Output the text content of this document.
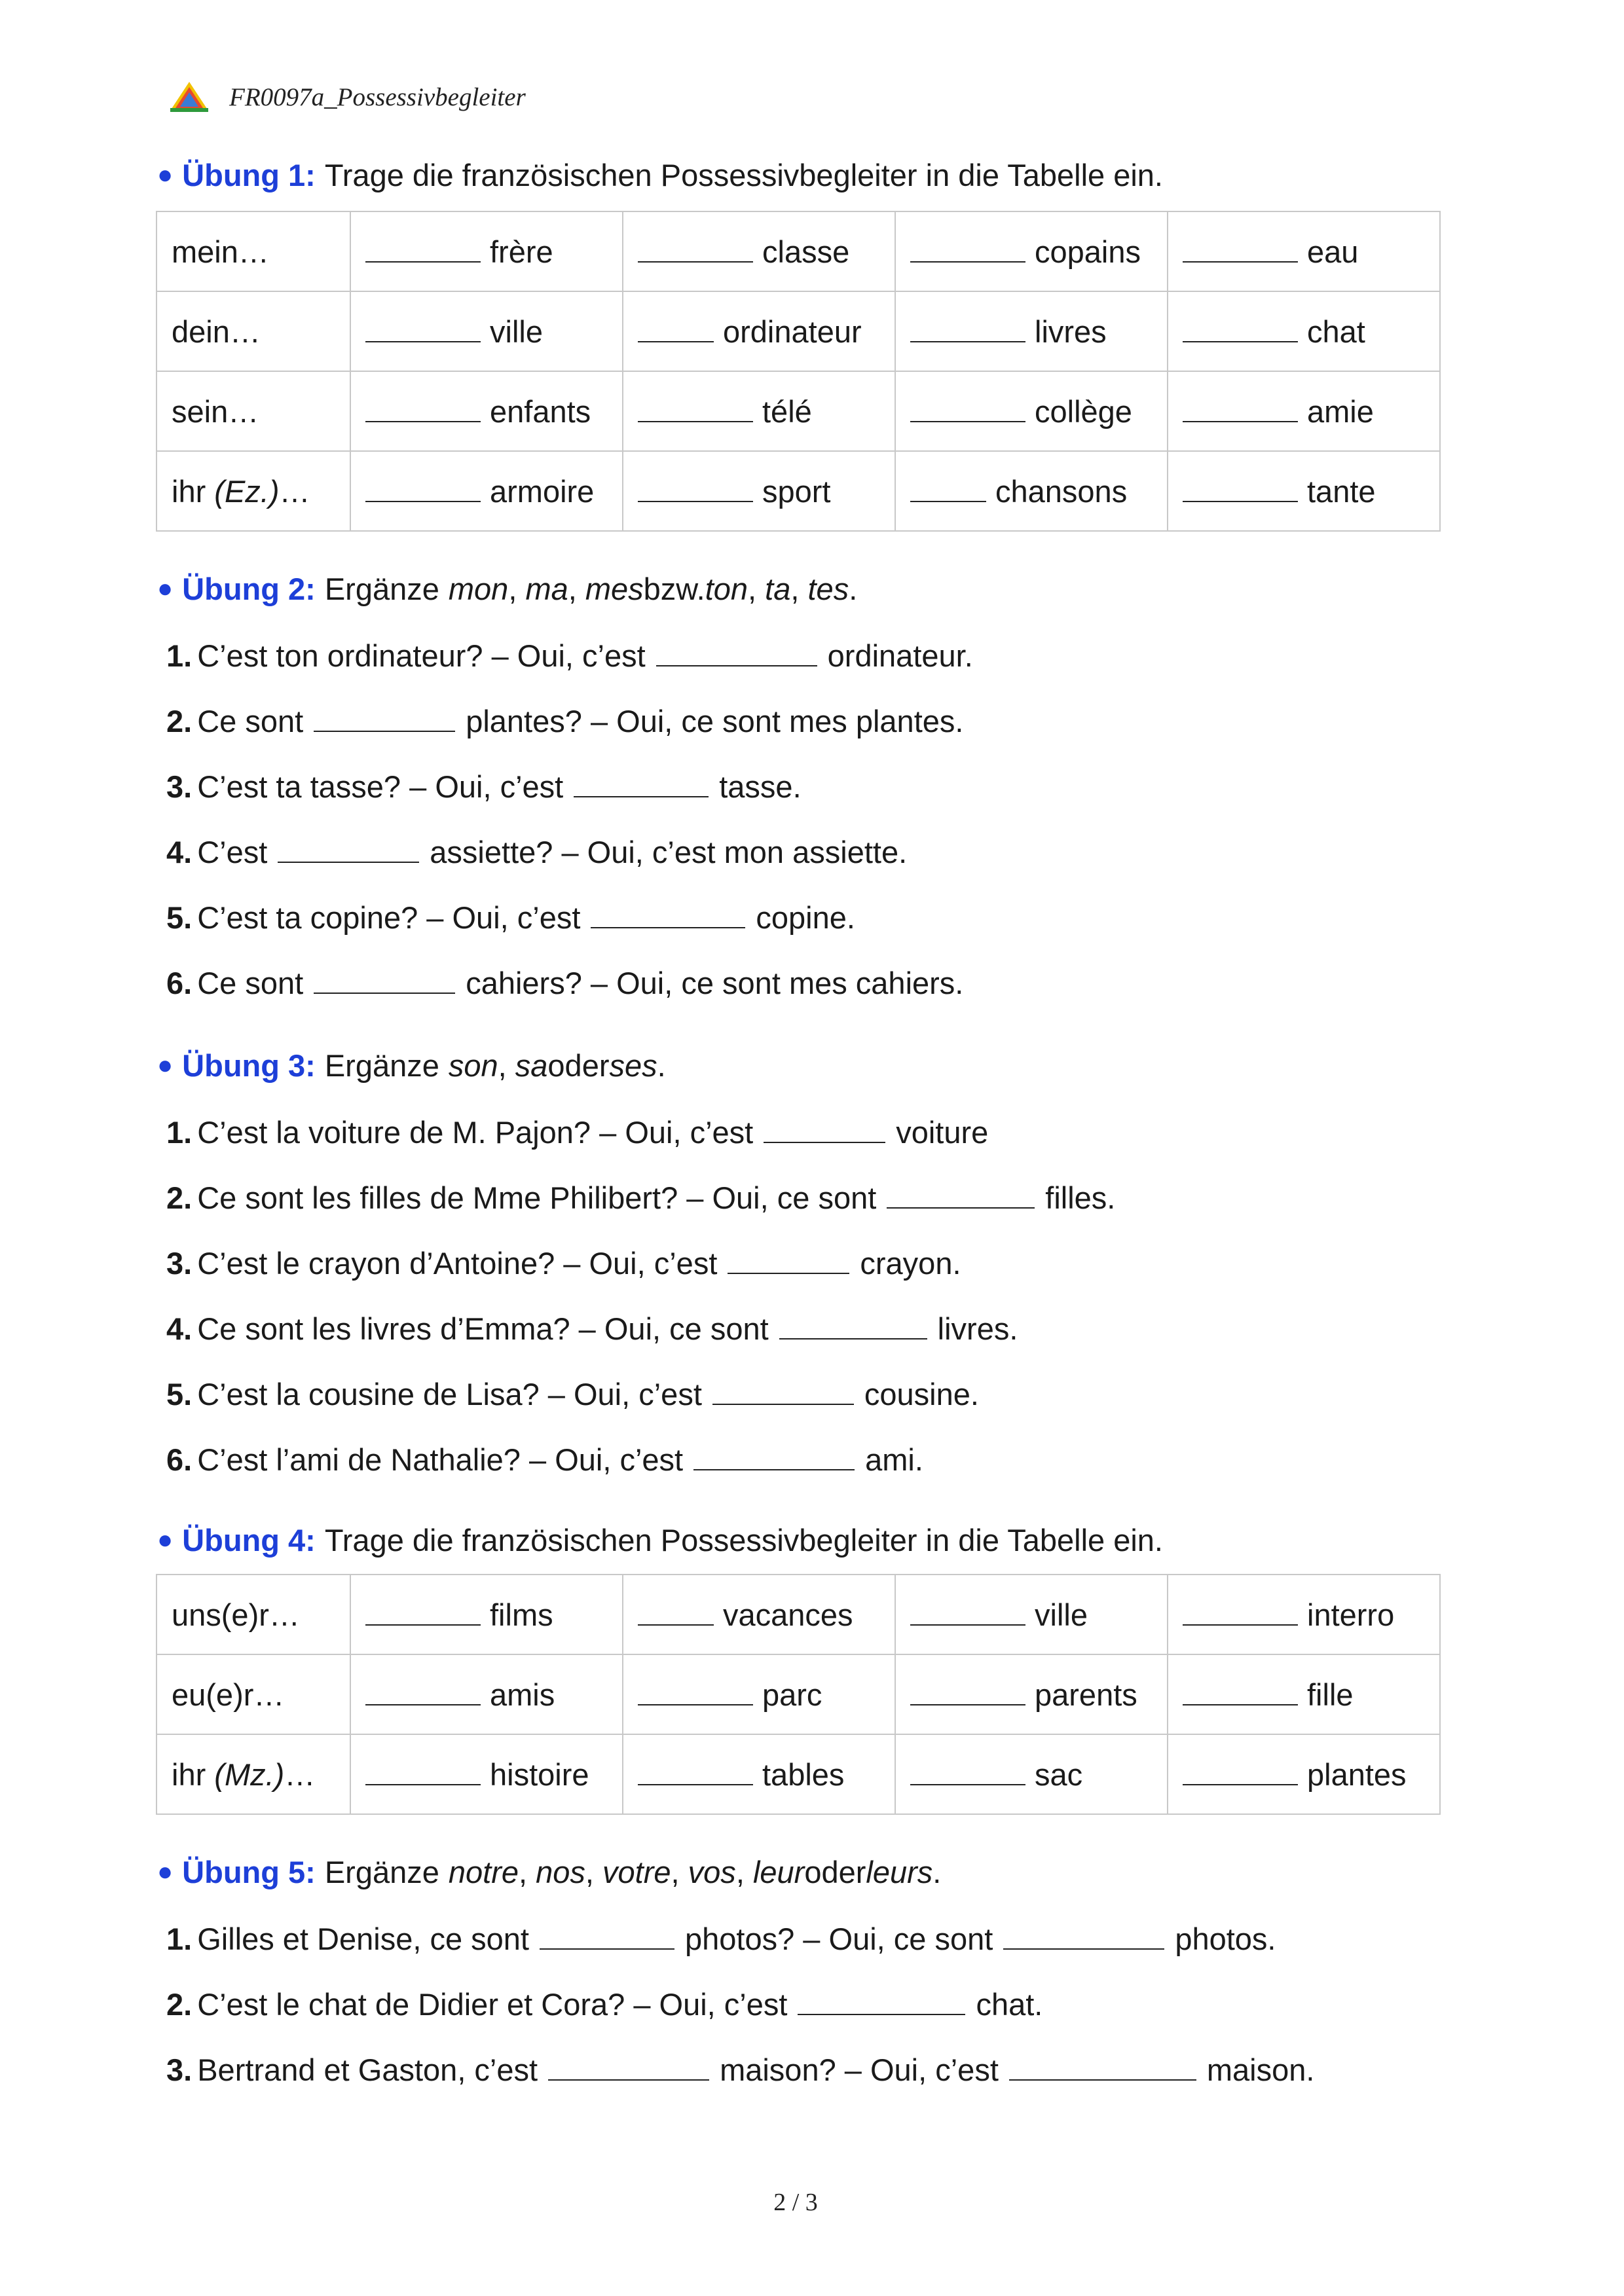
FR0097a_Possessivbegleiter
● Übung 1: Trage die französischen Possessivbegleiter in die Tabelle ein.
mein…	frère	classe	copains	eau
dein…	ville	ordinateur	livres	chat
sein…	enfants	télé	collège	amie
ihr (Ez.)…	armoire	sport	chansons	tante
● Übung 2: Ergänze mon , ma , mes bzw. ton , ta , tes .
1. C’est ton ordinateur? – Oui, c’est	ordinateur.
2. Ce sont	plantes? – Oui, ce sont mes plantes.
3. C’est ta tasse? – Oui, c’est	tasse.
4. C’est	assiette? – Oui, c’est mon assiette.
5. C’est ta copine? – Oui, c’est	copine.
6. Ce sont	cahiers? – Oui, ce sont mes cahiers.
● Übung 3: Ergänze son , sa oder ses .
1. C’est la voiture de M. Pajon? – Oui, c’est	voiture
2. Ce sont les filles de Mme Philibert? – Oui, ce sont	filles.
3. C’est le crayon d’Antoine? – Oui, c’est	crayon.
4. Ce sont les livres d’Emma? – Oui, ce sont	livres.
5. C’est la cousine de Lisa? – Oui, c’est	cousine.
6. C’est l’ami de Nathalie? – Oui, c’est	ami.
● Übung 4: Trage die französischen Possessivbegleiter in die Tabelle ein.
uns(e)r…	films	vacances	ville	interro
eu(e)r…	amis	parc	parents	fille
ihr (Mz.)…	histoire	tables	sac	plantes
● Übung 5: Ergänze notre , nos , votre , vos , leur oder leurs .
1. Gilles et Denise, ce sont	photos? – Oui, ce sont	photos.
2. C’est le chat de Didier et Cora? – Oui, c’est	chat.
3. Bertrand et Gaston, c’est	maison? – Oui, c’est	maison.
2 / 3
